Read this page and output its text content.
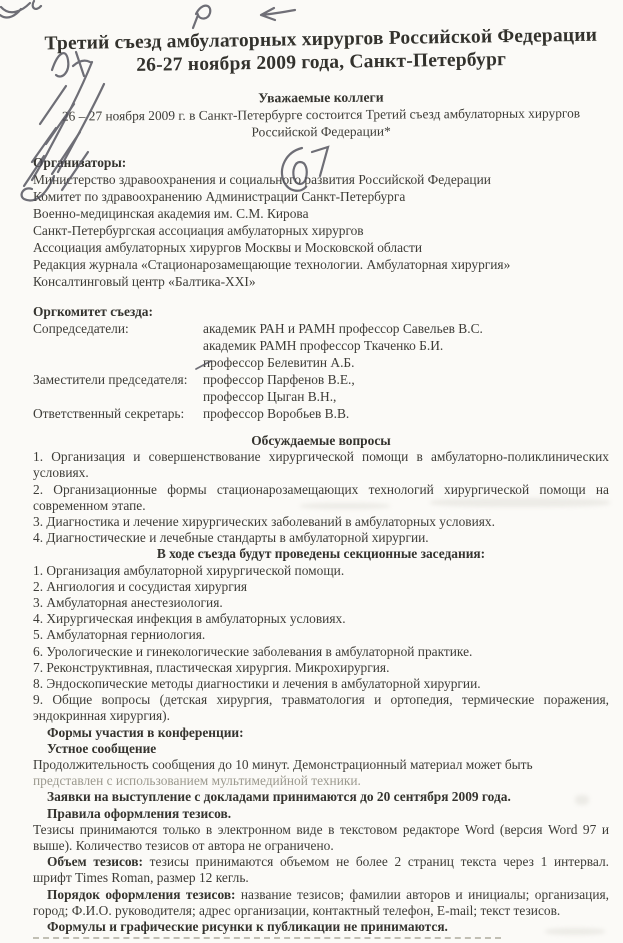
Третий съезд амбулаторных хирургов Российской Федерации
26-27 ноября 2009 года, Санкт-Петербург
Уважаемые коллеги
26 – 27 ноября 2009 г. в Санкт-Петербурге состоится Третий съезд амбулаторных хирургов
Российской Федерации*
Организаторы:
Министерство здравоохранения и социального развития Российской Федерации
Комитет по здравоохранению Администрации Санкт-Петербурга
Военно-медицинская академия им. С.М. Кирова
Санкт-Петербургская ассоциация амбулаторных хирургов
Ассоциация амбулаторных хирургов Москвы и Московской области
Редакция журнала «Стационарозамещающие технологии. Амбулаторная хирургия»
Консалтинговый центр «Балтика-XXI»
Оргкомитет съезда:
Сопредседатели:	академик РАН и РАМН профессор Савельев В.С.
академик РАМН профессор Ткаченко Б.И.
профессор Белевитин А.Б.
Заместители председателя:	профессор Парфенов В.Е.,
профессор Цыган В.Н.,
Ответственный секретарь:	профессор Воробьев В.В.
Обсуждаемые вопросы
1. Организация и совершенствование хирургической помощи в амбулаторно-поликлинических
условиях.
2. Организационные формы стационарозамещающих технологий хирургической помощи на
современном этапе.
3. Диагностика и лечение хирургических заболеваний в амбулаторных условиях.
4. Диагностические и лечебные стандарты в амбулаторной хирургии.
В ходе съезда будут проведены секционные заседания:
1. Организация амбулаторной хирургической помощи.
2. Ангиология и сосудистая хирургия
3. Амбулаторная анестезиология.
4. Хирургическая инфекция в амбулаторных условиях.
5. Амбулаторная герниология.
6. Урологические и гинекологические заболевания в амбулаторной практике.
7. Реконструктивная, пластическая хирургия. Микрохирургия.
8. Эндоскопические методы диагностики и лечения в амбулаторной хирургии.
9. Общие вопросы (детская хирургия, травматология и ортопедия, термические поражения,
эндокринная хирургия).
Формы участия в конференции:
Устное сообщение
Продолжительность сообщения до 10 минут. Демонстрационный материал может быть
представлен с использованием мультимедийной техники.
Заявки на выступление с докладами принимаются до 20 сентября 2009 года.
Правила оформления тезисов.
Тезисы принимаются только в электронном виде в текстовом редакторе Word (версия Word 97 и
выше). Количество тезисов от автора не ограничено.
Объем тезисов: тезисы принимаются объемом не более 2 страниц текста через 1 интервал.
шрифт Times Roman, размер 12 кегль.
Порядок оформления тезисов: название тезисов; фамилии авторов и инициалы; организация,
город; Ф.И.О. руководителя; адрес организации, контактный телефон, E-mail; текст тезисов.
Формулы и графические рисунки к публикации не принимаются.
